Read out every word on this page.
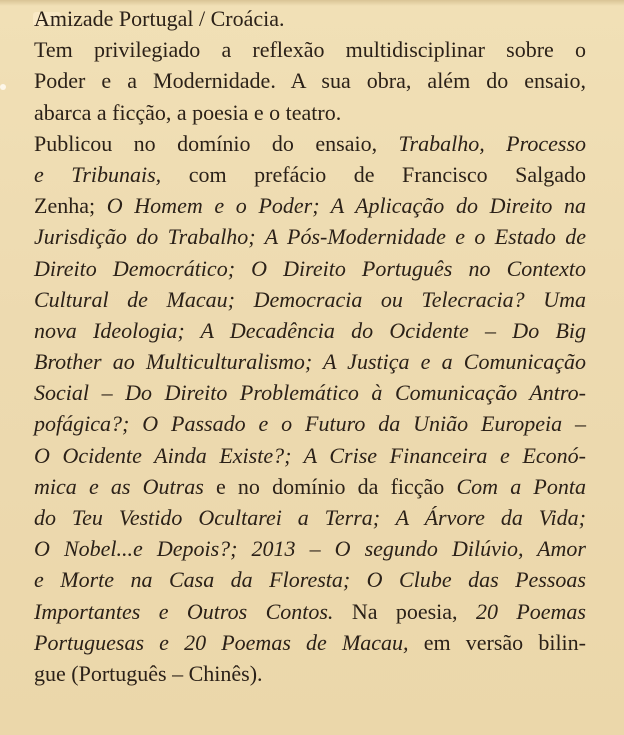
Amizade Portugal / Croácia.
Tem privilegiado a reflexão multidisciplinar sobre o
Poder e a Modernidade. A sua obra, além do ensaio,
abarca a ficção, a poesia e o teatro.
Publicou no domínio do ensaio, Trabalho, Processo
e Tribunais, com prefácio de Francisco Salgado
Zenha; O Homem e o Poder; A Aplicação do Direito na
Jurisdição do Trabalho; A Pós-Modernidade e o Estado de
Direito Democrático; O Direito Português no Contexto
Cultural de Macau; Democracia ou Telecracia? Uma
nova Ideologia; A Decadência do Ocidente – Do Big
Brother ao Multiculturalismo; A Justiça e a Comunicação
Social – Do Direito Problemático à Comunicação Antro-
pofágica?; O Passado e o Futuro da União Europeia –
O Ocidente Ainda Existe?; A Crise Financeira e Econó-
mica e as Outras e no domínio da ficção Com a Ponta
do Teu Vestido Ocultarei a Terra; A Árvore da Vida;
O Nobel...e Depois?; 2013 – O segundo Dilúvio, Amor
e Morte na Casa da Floresta; O Clube das Pessoas
Importantes e Outros Contos. Na poesia, 20 Poemas
Portuguesas e 20 Poemas de Macau, em versão bilin-
gue (Português – Chinês).
